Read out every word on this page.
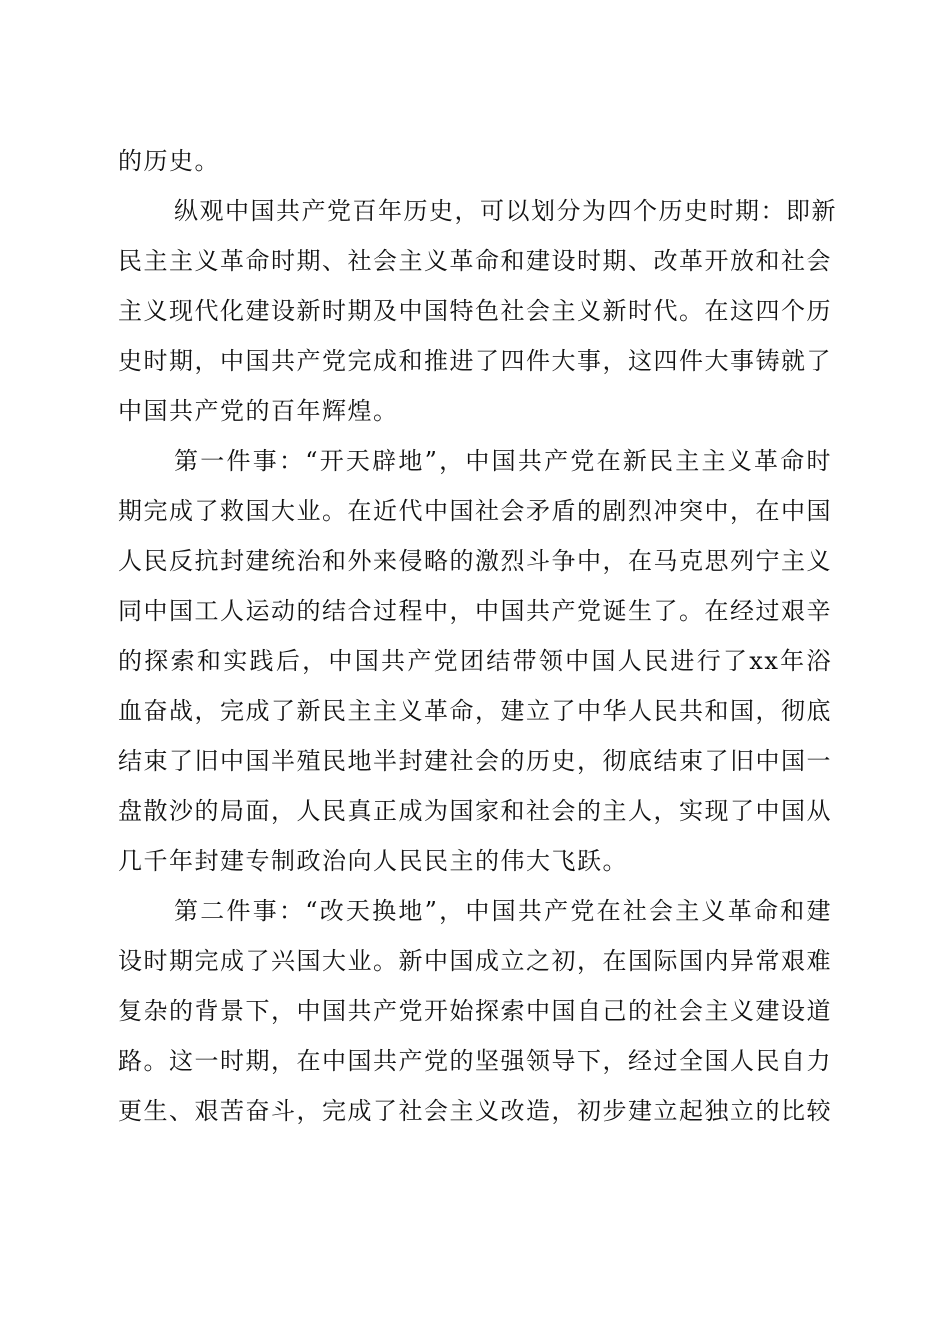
的历史。
纵观中国共产党百年历史，可以划分为四个历史时期：即新
民主主义革命时期、社会主义革命和建设时期、改革开放和社会
主义现代化建设新时期及中国特色社会主义新时代。在这四个历
史时期，中国共产党完成和推进了四件大事，这四件大事铸就了
中国共产党的百年辉煌。
第一件事：“开天辟地”，中国共产党在新民主主义革命时
期完成了救国大业。在近代中国社会矛盾的剧烈冲突中，在中国
人民反抗封建统治和外来侵略的激烈斗争中，在马克思列宁主义
同中国工人运动的结合过程中，中国共产党诞生了。在经过艰辛
的探索和实践后，中国共产党团结带领中国人民进行了xx年浴
血奋战，完成了新民主主义革命，建立了中华人民共和国，彻底
结束了旧中国半殖民地半封建社会的历史，彻底结束了旧中国一
盘散沙的局面，人民真正成为国家和社会的主人，实现了中国从
几千年封建专制政治向人民民主的伟大飞跃。
第二件事：“改天换地”，中国共产党在社会主义革命和建
设时期完成了兴国大业。新中国成立之初，在国际国内异常艰难
复杂的背景下，中国共产党开始探索中国自己的社会主义建设道
路。这一时期，在中国共产党的坚强领导下，经过全国人民自力
更生、艰苦奋斗，完成了社会主义改造，初步建立起独立的比较
